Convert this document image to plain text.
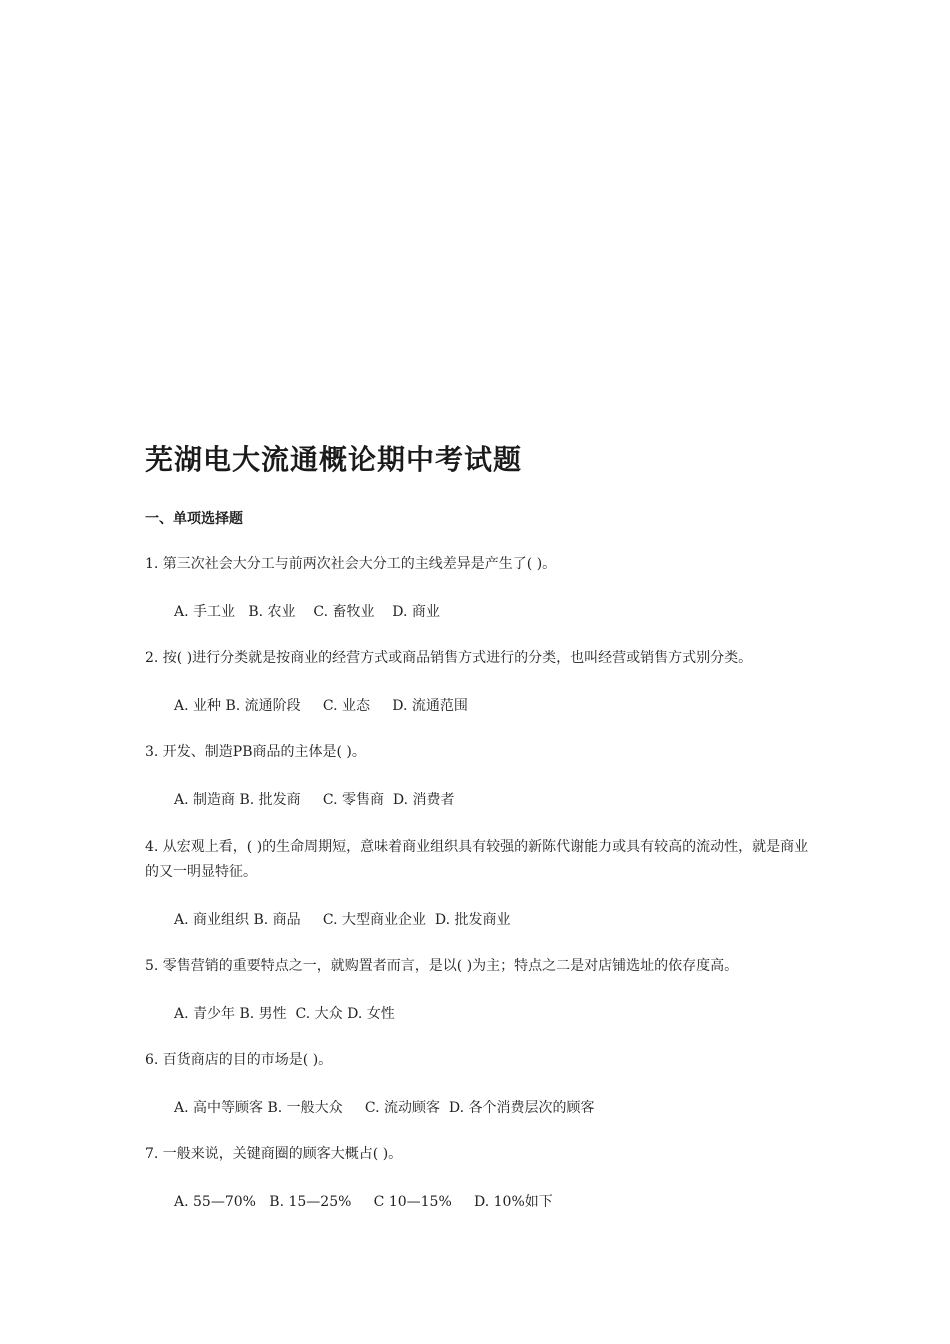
芜湖电大流通概论期中考试题
一、单项选择题
1. 第三次社会大分工与前两次社会大分工的主线差异是产生了( )。
A. 手工业   B. 农业    C. 畜牧业    D. 商业
2. 按( )进行分类就是按商业的经营方式或商品销售方式进行的分类，也叫经营或销售方式别分类。
A. 业种 B. 流通阶段     C. 业态     D. 流通范围
3. 开发、制造PB商品的主体是( )。
A. 制造商 B. 批发商     C. 零售商  D. 消费者
4. 从宏观上看，( )的生命周期短，意味着商业组织具有较强的新陈代谢能力或具有较高的流动性，就是商业的又一明显特征。
A. 商业组织 B. 商品     C. 大型商业企业  D. 批发商业
5. 零售营销的重要特点之一，就购置者而言，是以( )为主；特点之二是对店铺选址的依存度高。
A. 青少年 B. 男性  C. 大众 D. 女性
6. 百货商店的目的市场是( )。
A. 高中等顾客 B. 一般大众     C. 流动顾客  D. 各个消费层次的顾客
7. 一般来说，关键商圈的顾客大概占( )。
A. 55—70%   B. 15—25%     C 10—15%     D. 10%如下
